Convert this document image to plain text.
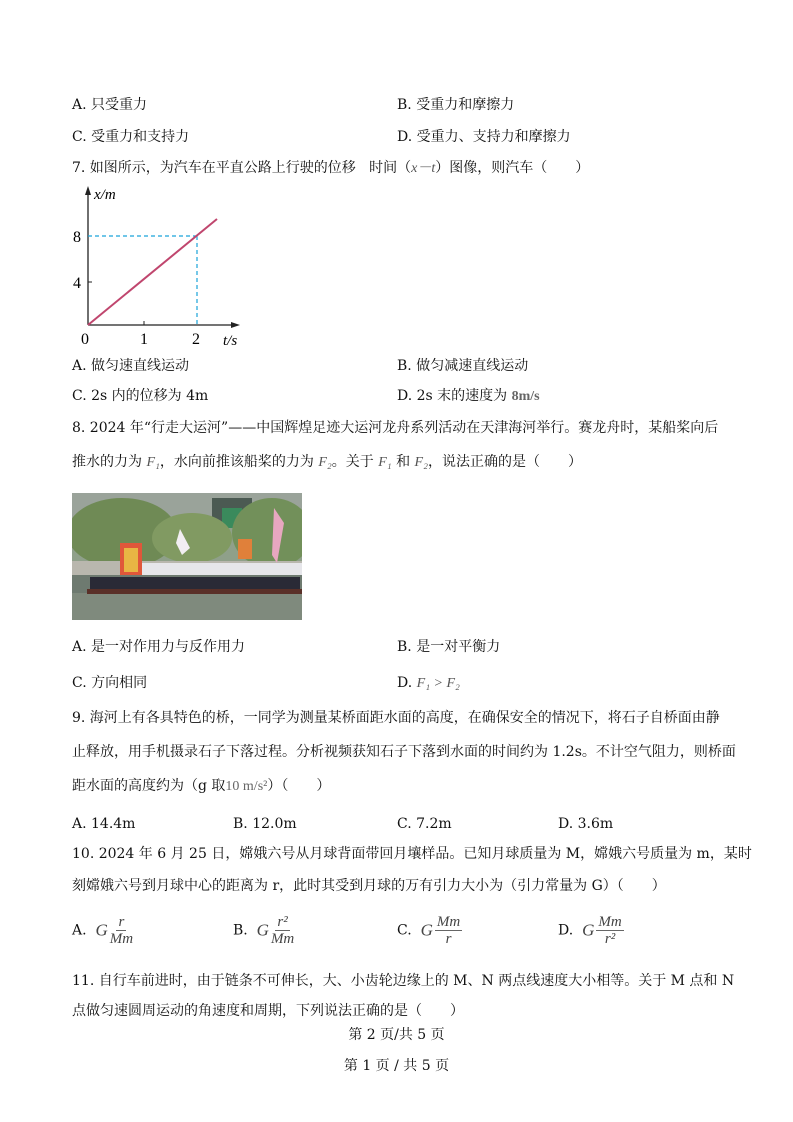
A. 只受重力	B. 受重力和摩擦力
C. 受重力和支持力	D. 受重力、支持力和摩擦力
7. 如图所示，为汽车在平直公路上行驶的位移 时间（x－t）图像，则汽车（　　）
x/m
t/s
8
4
0	1	2
A. 做匀速直线运动	B. 做匀减速直线运动
C. 2s 内的位移为 4m	D. 2s 末的速度为 8m/s
8. 2024 年“行走大运河”——中国辉煌足迹大运河龙舟系列活动在天津海河举行。赛龙舟时，某船桨向后
推水的力为 F₁，水向前推该船桨的力为 F₂。关于 F₁ 和 F₂，说法正确的是（　　）
A. 是一对作用力与反作用力	B. 是一对平衡力
C. 方向相同	D. F₁ > F₂
9. 海河上有各具特色的桥，一同学为测量某桥面距水面的高度，在确保安全的情况下，将石子自桥面由静
止释放，用手机摄录石子下落过程。分析视频获知石子下落到水面的时间约为 1.2s。不计空气阻力，则桥面
距水面的高度约为（g 取10 m/s²）（　　）
A. 14.4m	B. 12.0m	C. 7.2m	D. 3.6m
10. 2024 年 6 月 25 日，嫦娥六号从月球背面带回月壤样品。已知月球质量为 M，嫦娥六号质量为 m，某时
刻嫦娥六号到月球中心的距离为 r，此时其受到月球的万有引力大小为（引力常量为 G）（　　）
A. G $\frac{r}{Mm}$	B. G $\frac{\text{r²}}{Mm}$	C. G $\frac{Mm}{r}$	D. G $\frac{Mm}{\text{r²}}$
11. 自行车前进时，由于链条不可伸长，大、小齿轮边缘上的 M、N 两点线速度大小相等。关于 M 点和 N
点做匀速圆周运动的角速度和周期，下列说法正确的是（　　）
第 2 页/共 5 页
第 1 页 / 共 5 页
